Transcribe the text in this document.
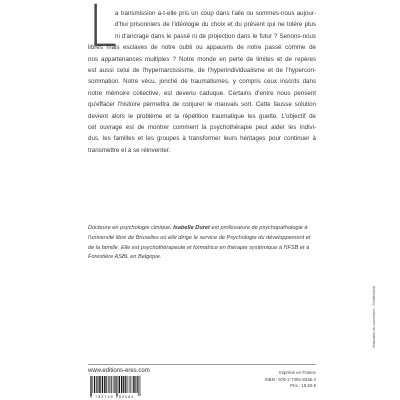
L
a transmission a-t-elle pris un coup dans l'aile ou sommes-nous aujour-
d'hui prisonniers de l'idéologie du choix et du présent qui ne tolère plus
ni d'ancrage dans le passé ni de projection dans le futur ? Serions-nous
libres mais esclaves de notre oubli ou appauvris de notre passé comme de
nos appartenances multiples ? Notre monde en perte de limites et de repères
est aussi celui de l'hypernarcissisme, de l'hyperindividualisme et de l'hypercon-
sommation. Notre vécu, jonché de traumatismes, y compris ceux inscrits dans
notre mémoire collective, est devenu caduque. Certains d'entre nous pensent
qu'effacer l'histoire permettra de conjurer le mauvais sort. Cette fausse solution
devient alors le problème et la répétition traumatique les guette. L'objectif de
cet ouvrage est de montrer comment la psychothérapie peut aider les indivi-
dus, les familles et les groupes à transformer leurs héritages pour continuer à
transmettre et à se réinventer.
Docteure en psychologie clinique, Isabelle Duret est professeure de psychopathologie à
l'université libre de Bruxelles où elle dirige le service de Psychologie du développement et
de la famille. Elle est psychothérapeute et formatrice en thérapie systémique à l'IFSB et à
Forestière ASBL en Belgique.
Illustration de couverture : Shutterstock
www.editions-eres.com
9 782749 283364
Imprimé en France
ISBN : 978-2-7492-8336-4
Prix : 16,50 €
